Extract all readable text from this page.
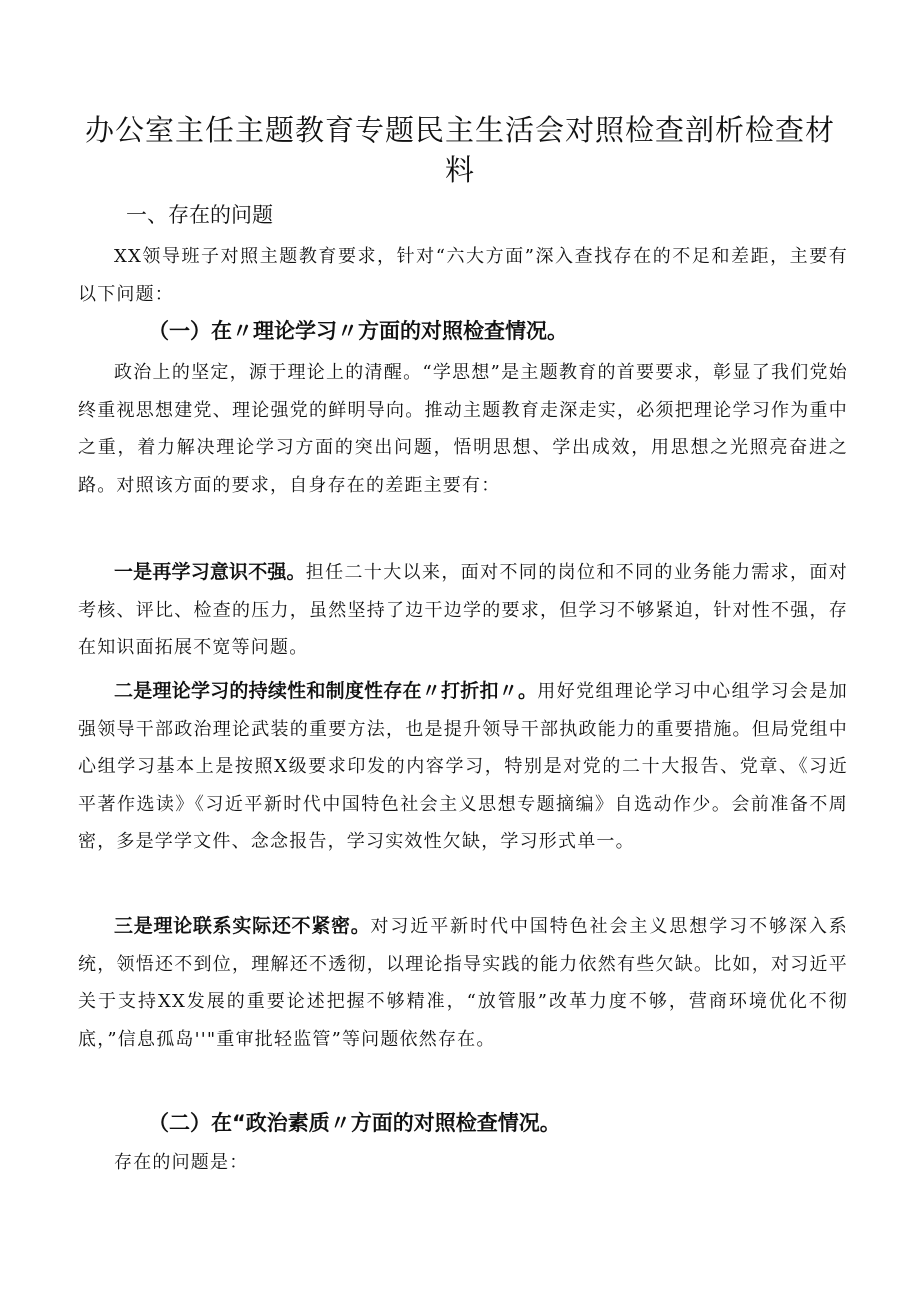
办公室主任主题教育专题民主生活会对照检查剖析检查材料
一、存在的问题

XX领导班子对照主题教育要求，针对“六大方面”深入查找存在的不足和差距，主要有以下问题：

（一）在〃理论学习〃方面的对照检查情况。

政治上的坚定，源于理论上的清醒。“学思想”是主题教育的首要要求，彰显了我们党始终重视思想建党、理论强党的鲜明导向。推动主题教育走深走实，必须把理论学习作为重中之重，着力解决理论学习方面的突出问题，悟明思想、学出成效，用思想之光照亮奋进之路。对照该方面的要求，自身存在的差距主要有：

一是再学习意识不强。担任二十大以来，面对不同的岗位和不同的业务能力需求，面对考核、评比、检查的压力，虽然坚持了边干边学的要求，但学习不够紧迫，针对性不强，存在知识面拓展不宽等问题。

二是理论学习的持续性和制度性存在〃打折扣〃。用好党组理论学习中心组学习会是加强领导干部政治理论武装的重要方法，也是提升领导干部执政能力的重要措施。但局党组中心组学习基本上是按照X级要求印发的内容学习，特别是对党的二十大报告、党章、《习近平著作选读》《习近平新时代中国特色社会主义思想专题摘编》自选动作少。会前准备不周密，多是学学文件、念念报告，学习实效性欠缺，学习形式单一。

三是理论联系实际还不紧密。对习近平新时代中国特色社会主义思想学习不够深入系统，领悟还不到位，理解还不透彻，以理论指导实践的能力依然有些欠缺。比如，对习近平关于支持XX发展的重要论述把握不够精准，“放管服”改革力度不够，营商环境优化不彻底，”信息孤岛''"重审批轻监管”等问题依然存在。

（二）在“政治素质〃方面的对照检查情况。

存在的问题是：
